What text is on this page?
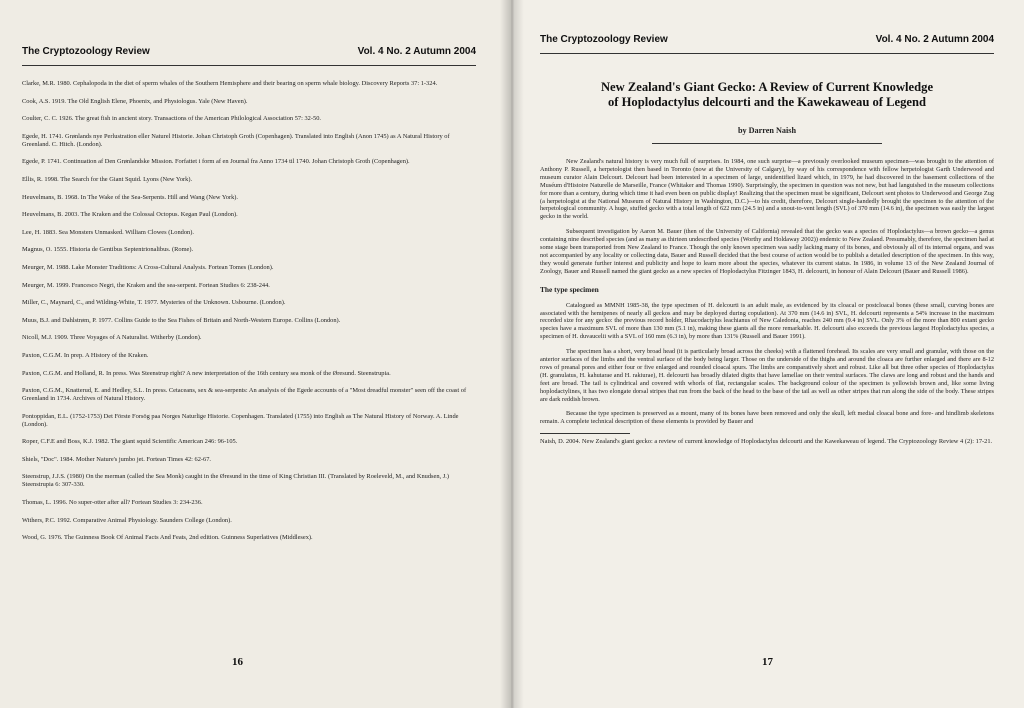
The Cryptozoology Review	Vol. 4 No. 2 Autumn 2004
Clarke, M.R. 1980. Cephalopoda in the diet of sperm whales of the Southern Hemisphere and their bearing on sperm whale biology. Discovery Reports 37: 1-324.
Cook, A.S. 1919. The Old English Elene, Phoenix, and Physiologus. Yale (New Haven).
Coulter, C. C. 1926. The great fish in ancient story. Transactions of the American Philological Association 57: 32-50.
Egede, H. 1741. Grønlands nye Perlustration eller Naturel Historie. Johan Christoph Groth (Copenhagen). Translated into English (Anon 1745) as A Natural History of Greenland. C. Hitch. (London).
Egede, P. 1741. Continuation af Den Grønlandske Mission. Forfattet i form af en Journal fra Anno 1734 til 1740. Johan Christoph Groth (Copenhagen).
Ellis, R. 1998. The Search for the Giant Squid. Lyons (New York).
Heuvelmans, B. 1968. In The Wake of the Sea-Serpents. Hill and Wang (New York).
Heuvelmans, B. 2003. The Kraken and the Colossal Octopus. Kegan Paul (London).
Lee, H. 1883. Sea Monsters Unmasked. William Clowes (London).
Magnus, O. 1555. Historia de Gentibus Septentrionalibus. (Rome).
Meurger, M. 1988. Lake Monster Traditions: A Cross-Cultural Analysis. Fortean Tomes (London).
Meurger, M. 1999. Francesco Negri, the Kraken and the sea-serpent. Fortean Studies 6: 238-244.
Miller, C., Maynard, C., and Wilding-White, T. 1977. Mysteries of the Unknown. Usbourne. (London).
Muus, B.J. and Dahlstrøm, P. 1977. Collins Guide to the Sea Fishes of Britain and North-Western Europe. Collins (London).
Nicoll, M.J. 1909. Three Voyages of A Naturalist. Witherby (London).
Paxton, C.G.M. In prep. A History of the Kraken.
Paxton, C.G.M. and Holland, R. In press. Was Steenstrup right? A new interpretation of the 16th century sea monk of the Øresund. Steenstrupia.
Paxton, C.G.M., Knatterud, E. and Hedley, S.L. In press. Cetaceans, sex & sea-serpents: An analysis of the Egede accounts of a "Most dreadful monster" seen off the coast of Greenland in 1734. Archives of Natural History.
Pontoppidan, E.L. (1752-1753) Det Förste Forsög paa Norges Naturlige Historie. Copenhagen. Translated (1755) into English as The Natural History of Norway. A. Linde (London).
Roper, C.F.E and Boss, K.J. 1982. The giant squid Scientific American 246: 96-105.
Shiels, "Doc". 1984. Mother Nature's jumbo jet. Fortean Times 42: 62-67.
Steenstrup, J.J.S. (1980) On the merman (called the Sea Monk) caught in the Øresund in the time of King Christian III. (Translated by Roeleveld, M., and Knudsen, J.) Steenstrupia 6: 307-330.
Thomas, L. 1996. No super-otter after all? Fortean Studies 3: 234-236.
Withers, P.C. 1992. Comparative Animal Physiology. Saunders College (London).
Wood, G. 1976. The Guinness Book Of Animal Facts And Feats, 2nd edition. Guinness Superlatives (Middlesex).
16
The Cryptozoology Review	Vol. 4 No. 2 Autumn 2004
New Zealand's Giant Gecko: A Review of Current Knowledge
of Hoplodactylus delcourti and the Kawekaweau of Legend
by Darren Naish

New Zealand's natural history is very much full of surprises. In 1984, one such surprise—a previously overlooked museum specimen—was brought to the attention of Anthony P. Russell, a herpetologist then based in Toronto (now at the University of Calgary), by way of his correspondence with fellow herpetologist Garth Underwood and museum curator Alain Delcourt. Delcourt had been interested in a specimen of large, unidentified lizard which, in 1979, he had discovered in the basement collections of the Muséum d'Histoire Naturelle de Marseille, France (Whitaker and Thomas 1990). Surprisingly, the specimen in question was not new, but had languished in the museum collections for more than a century, during which time it had even been on public display! Realizing that the specimen must be significant, Delcourt sent photos to Underwood and George Zug (a herpetologist at the National Museum of Natural History in Washington, D.C.)—to his credit, therefore, Delcourt single-handedly brought the specimen to the attention of the herpetological community. A huge, stuffed gecko with a total length of 622 mm (24.5 in) and a snout-to-vent length (SVL) of 370 mm (14.6 in), the specimen was easily the largest gecko in the world.

Subsequent investigation by Aaron M. Bauer (then of the University of California) revealed that the gecko was a species of Hoplodactylus—a brown gecko—a genus containing nine described species (and as many as thirteen undescribed species (Worthy and Holdaway 2002)) endemic to New Zealand. Presumably, therefore, the specimen had at some stage been transported from New Zealand to France. Though the only known specimen was sadly lacking many of its bones, and obviously all of its internal organs, and was not accompanied by any locality or collecting data, Bauer and Russell decided that the best course of action would be to publish a detailed description of the specimen. In this way, they would generate further interest and publicity and hope to learn more about the species, whatever its current status. In 1986, in volume 13 of the New Zealand Journal of Zoology, Bauer and Russell named the giant gecko as a new species of Hoplodactylus Fitzinger 1843, H. delcourti, in honour of Alain Delcourt (Bauer and Russell 1986).

The type specimen

Catalogued as MMNH 1985-38, the type specimen of H. delcourti is an adult male, as evidenced by its cloacal or postcloacal bones (these small, curving bones are associated with the hemipenes of nearly all geckos and may be deployed during copulation). At 370 mm (14.6 in) SVL, H. delcourti represents a 54% increase in the maximum recorded size for any gecko: the previous record holder, Rhacodactylus leachianus of New Caledonia, reaches 240 mm (9.4 in) SVL. Only 3% of the more than 800 extant gecko species have a maximum SVL of more than 130 mm (5.1 in), making these giants all the more remarkable. H. delcourti also exceeds the previous largest Hoplodactylus species, a specimen of H. duvaucelii with a SVL of 160 mm (6.3 in), by more than 131% (Russell and Bauer 1991).

The specimen has a short, very broad head (it is particularly broad across the cheeks) with a flattened forehead. Its scales are very small and granular, with those on the anterior surfaces of the limbs and the ventral surface of the body being larger. Those on the underside of the thighs and around the cloaca are further enlarged and there are 8-12 rows of preanal pores and either four or five enlarged and rounded cloacal spurs. The limbs are comparatively short and robust. Like all but three other species of Hoplodactylus (H. granulatus, H. kahutarae and H. rakiurae), H. delcourti has broadly dilated digits that have lamellae on their ventral surfaces. The claws are long and robust and the hands and feet are broad. The tail is cylindrical and covered with whorls of flat, rectangular scales. The background colour of the specimen is yellowish brown and, like some living hoplodactylines, it has two elongate dorsal stripes that run from the back of the head to the base of the tail as well as other stripes that run along the side of the body. These stripes are dark reddish brown.

Because the type specimen is preserved as a mount, many of its bones have been removed and only the skull, left medial cloacal bone and fore- and hindlimb skeletons remain. A complete technical description of these elements is provided by Bauer and

Naish, D. 2004. New Zealand's giant gecko: a review of current knowledge of Hoplodactylus delcourti and the Kawekaweau of legend. The Cryptozoology Review 4 (2): 17-21.
17
